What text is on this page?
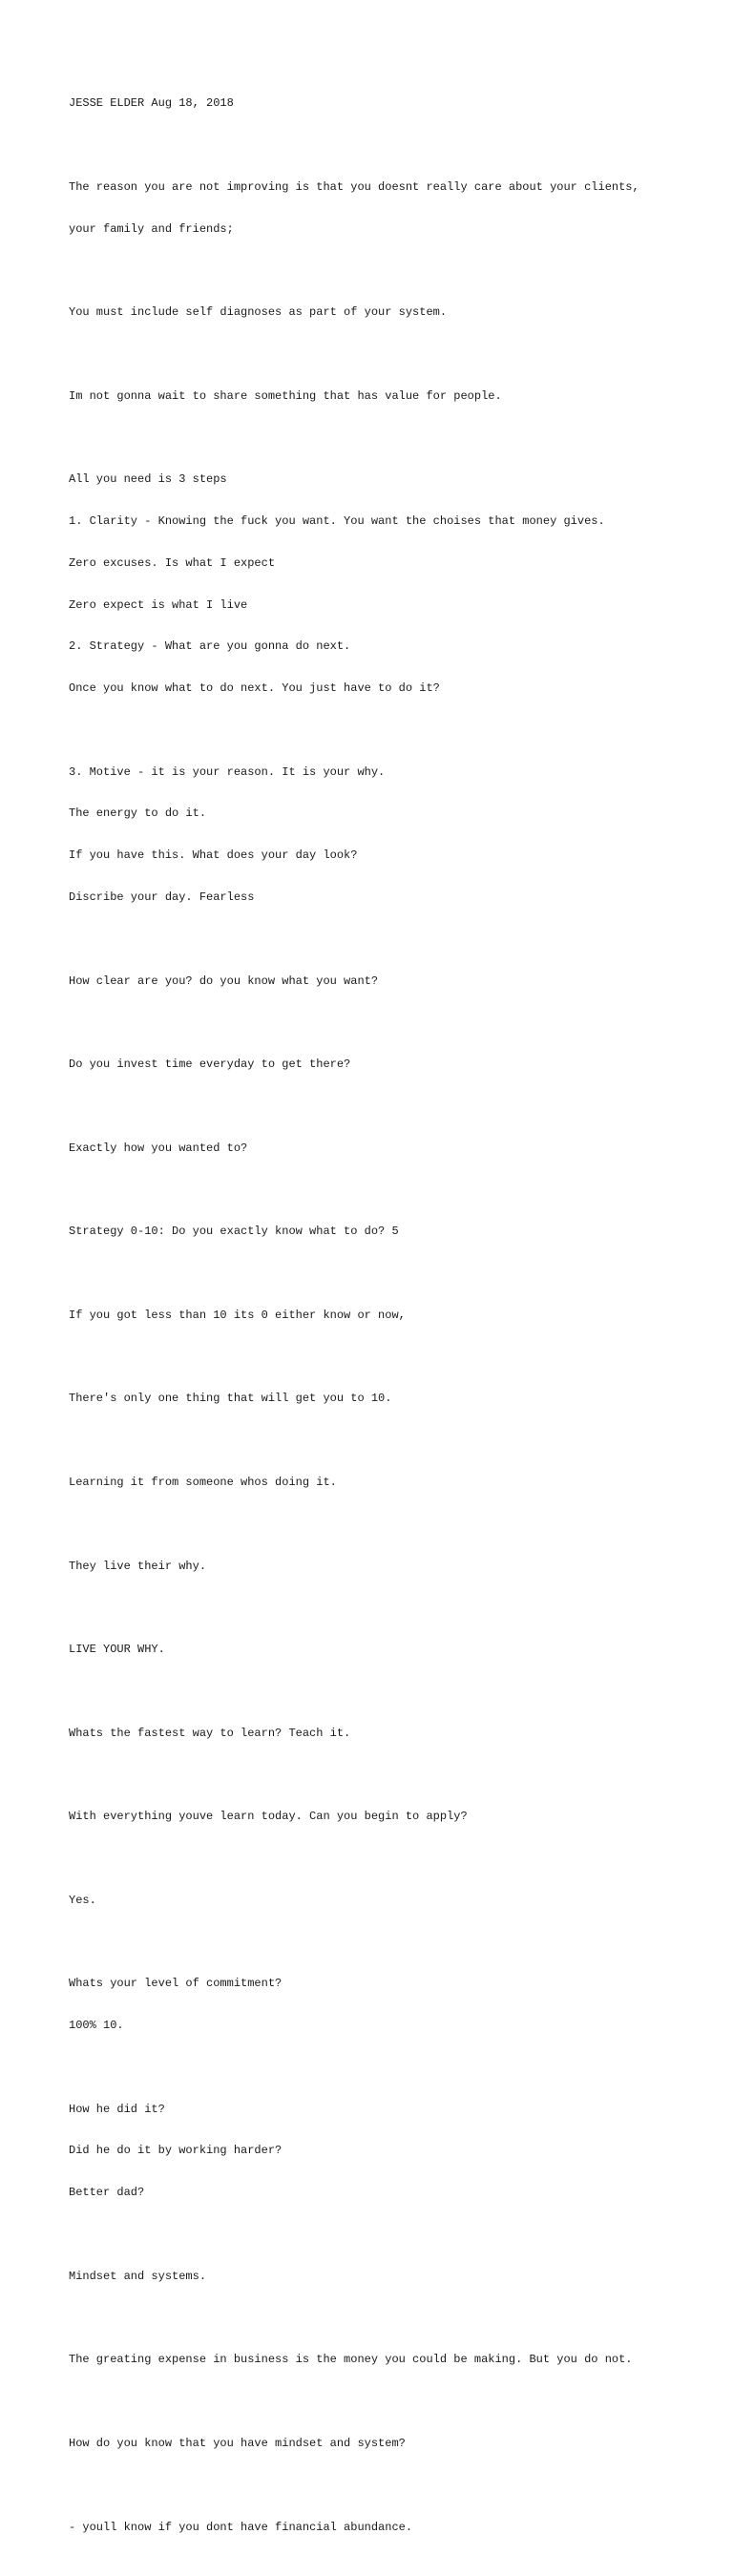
JESSE ELDER Aug 18, 2018

The reason you are not improving is that you doesnt really care about your clients,

your family and friends;

You must include self diagnoses as part of your system.

Im not gonna wait to share something that has value for people.

All you need is 3 steps

1. Clarity - Knowing the fuck you want. You want the choises that money gives.

Zero excuses. Is what I expect

Zero expect is what I live

2. Strategy - What are you gonna do next.

Once you know what to do next. You just have to do it?

3. Motive - it is your reason. It is your why.

The energy to do it.

If you have this. What does your day look?

Discribe your day. Fearless

How clear are you? do you know what you want?

Do you invest time everyday to get there?

Exactly how you wanted to?

Strategy 0-10: Do you exactly know what to do? 5

If you got less than 10 its 0 either know or now,

There's only one thing that will get you to 10.

Learning it from someone whos doing it.

They live their why.

LIVE YOUR WHY.

Whats the fastest way to learn? Teach it.

With everything youve learn today. Can you begin to apply?

Yes.

Whats your level of commitment?

100% 10.

How he did it?

Did he do it by working harder?

Better dad?

Mindset and systems.

The greating expense in business is the money you could be making. But you do not.

How do you know that you have mindset and system?

- youll know if you dont have financial abundance.
